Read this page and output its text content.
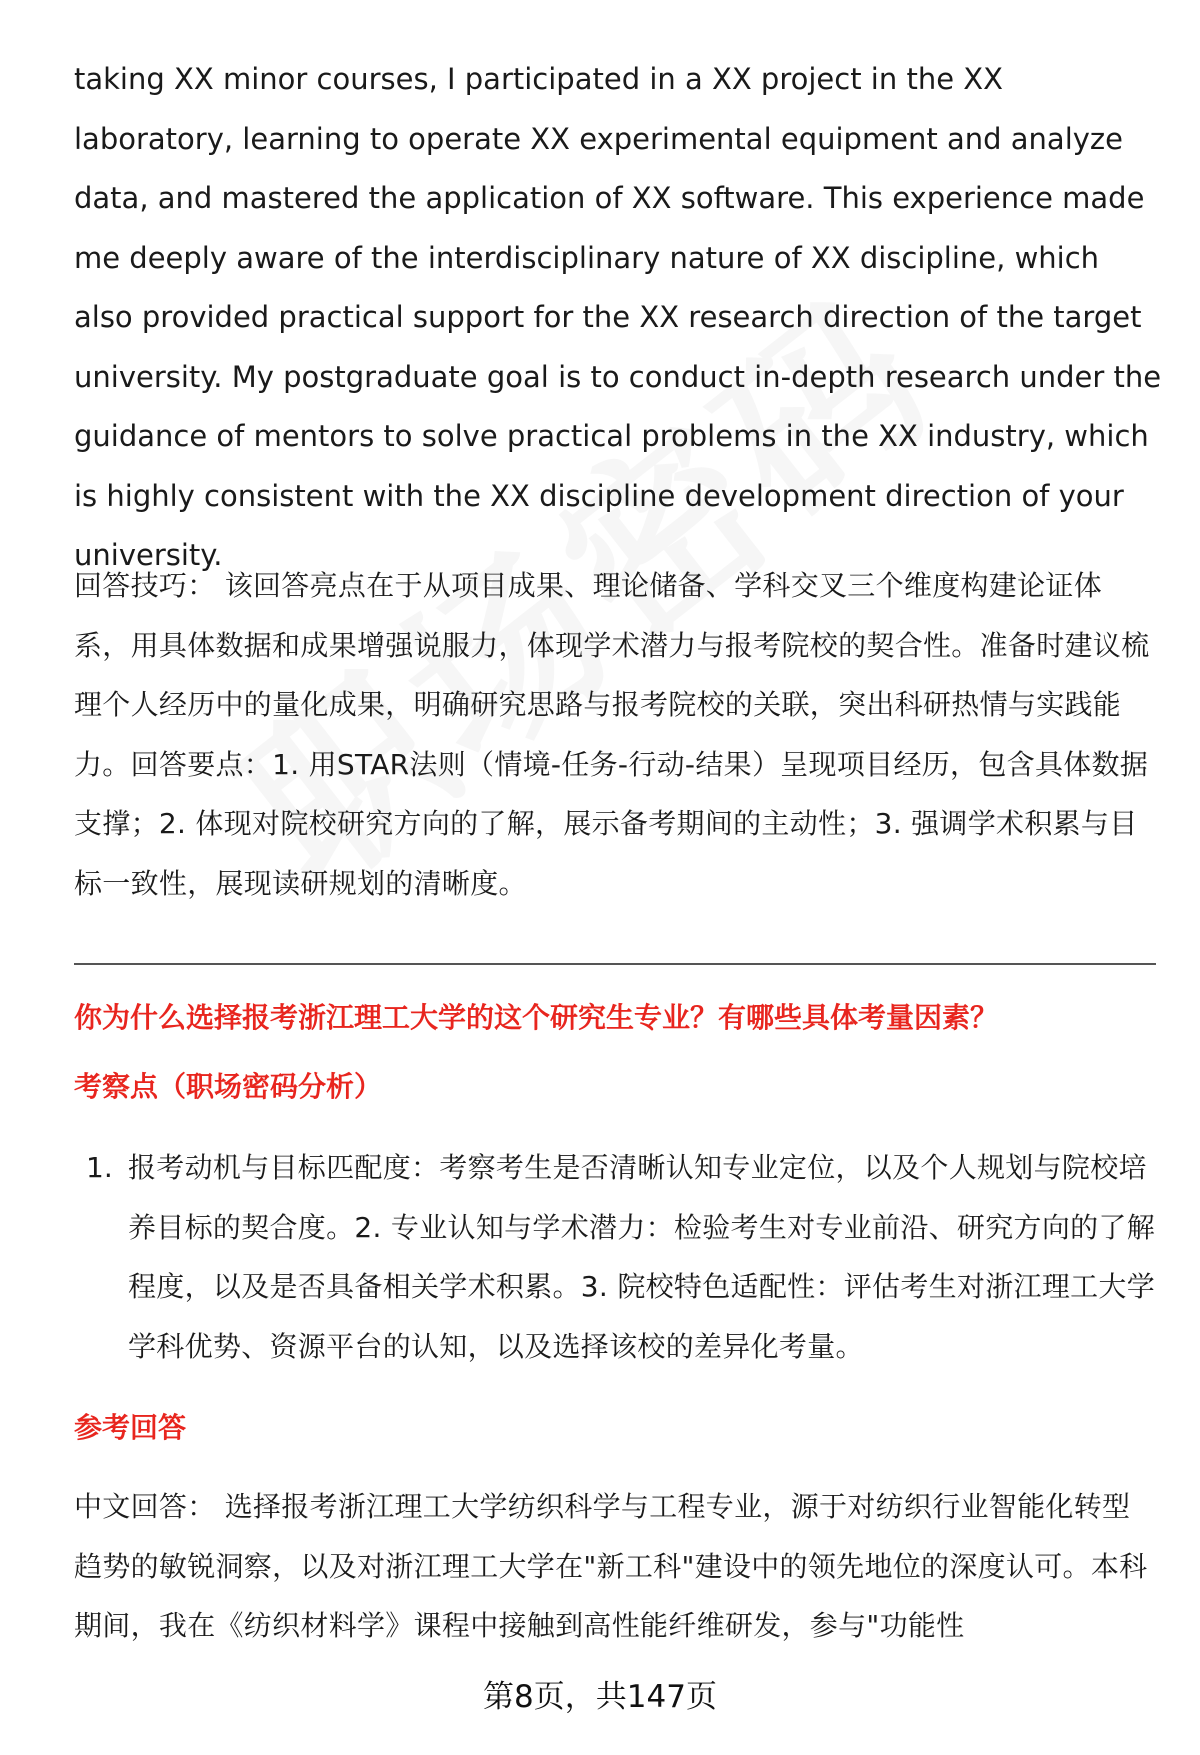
taking XX minor courses, I participated in a XX project in the XX laboratory, learning to operate XX experimental equipment and analyze data, and mastered the application of XX software. This experience made me deeply aware of the interdisciplinary nature of XX discipline, which also provided practical support for the XX research direction of the target university. My postgraduate goal is to conduct in-depth research under the guidance of mentors to solve practical problems in the XX industry, which is highly consistent with the XX discipline development direction of your university.

回答技巧： 该回答亮点在于从项目成果、理论储备、学科交叉三个维度构建论证体系，用具体数据和成果增强说服力，体现学术潜力与报考院校的契合性。准备时建议梳理个人经历中的量化成果，明确研究思路与报考院校的关联，突出科研热情与实践能力。回答要点：1. 用STAR法则（情境-任务-行动-结果）呈现项目经历，包含具体数据支撑；2. 体现对院校研究方向的了解，展示备考期间的主动性；3. 强调学术积累与目标一致性，展现读研规划的清晰度。

你为什么选择报考浙江理工大学的这个研究生专业？有哪些具体考量因素？
考察点（职场密码分析）
1. 报考动机与目标匹配度：考察考生是否清晰认知专业定位，以及个人规划与院校培养目标的契合度。2. 专业认知与学术潜力：检验考生对专业前沿、研究方向的了解程度，以及是否具备相关学术积累。3. 院校特色适配性：评估考生对浙江理工大学学科优势、资源平台的认知，以及选择该校的差异化考量。
参考回答

中文回答： 选择报考浙江理工大学纺织科学与工程专业，源于对纺织行业智能化转型趋势的敏锐洞察，以及对浙江理工大学在"新工科"建设中的领先地位的深度认可。本科期间，我在《纺织材料学》课程中接触到高性能纤维研发，参与"功能性

第8页，共147页
